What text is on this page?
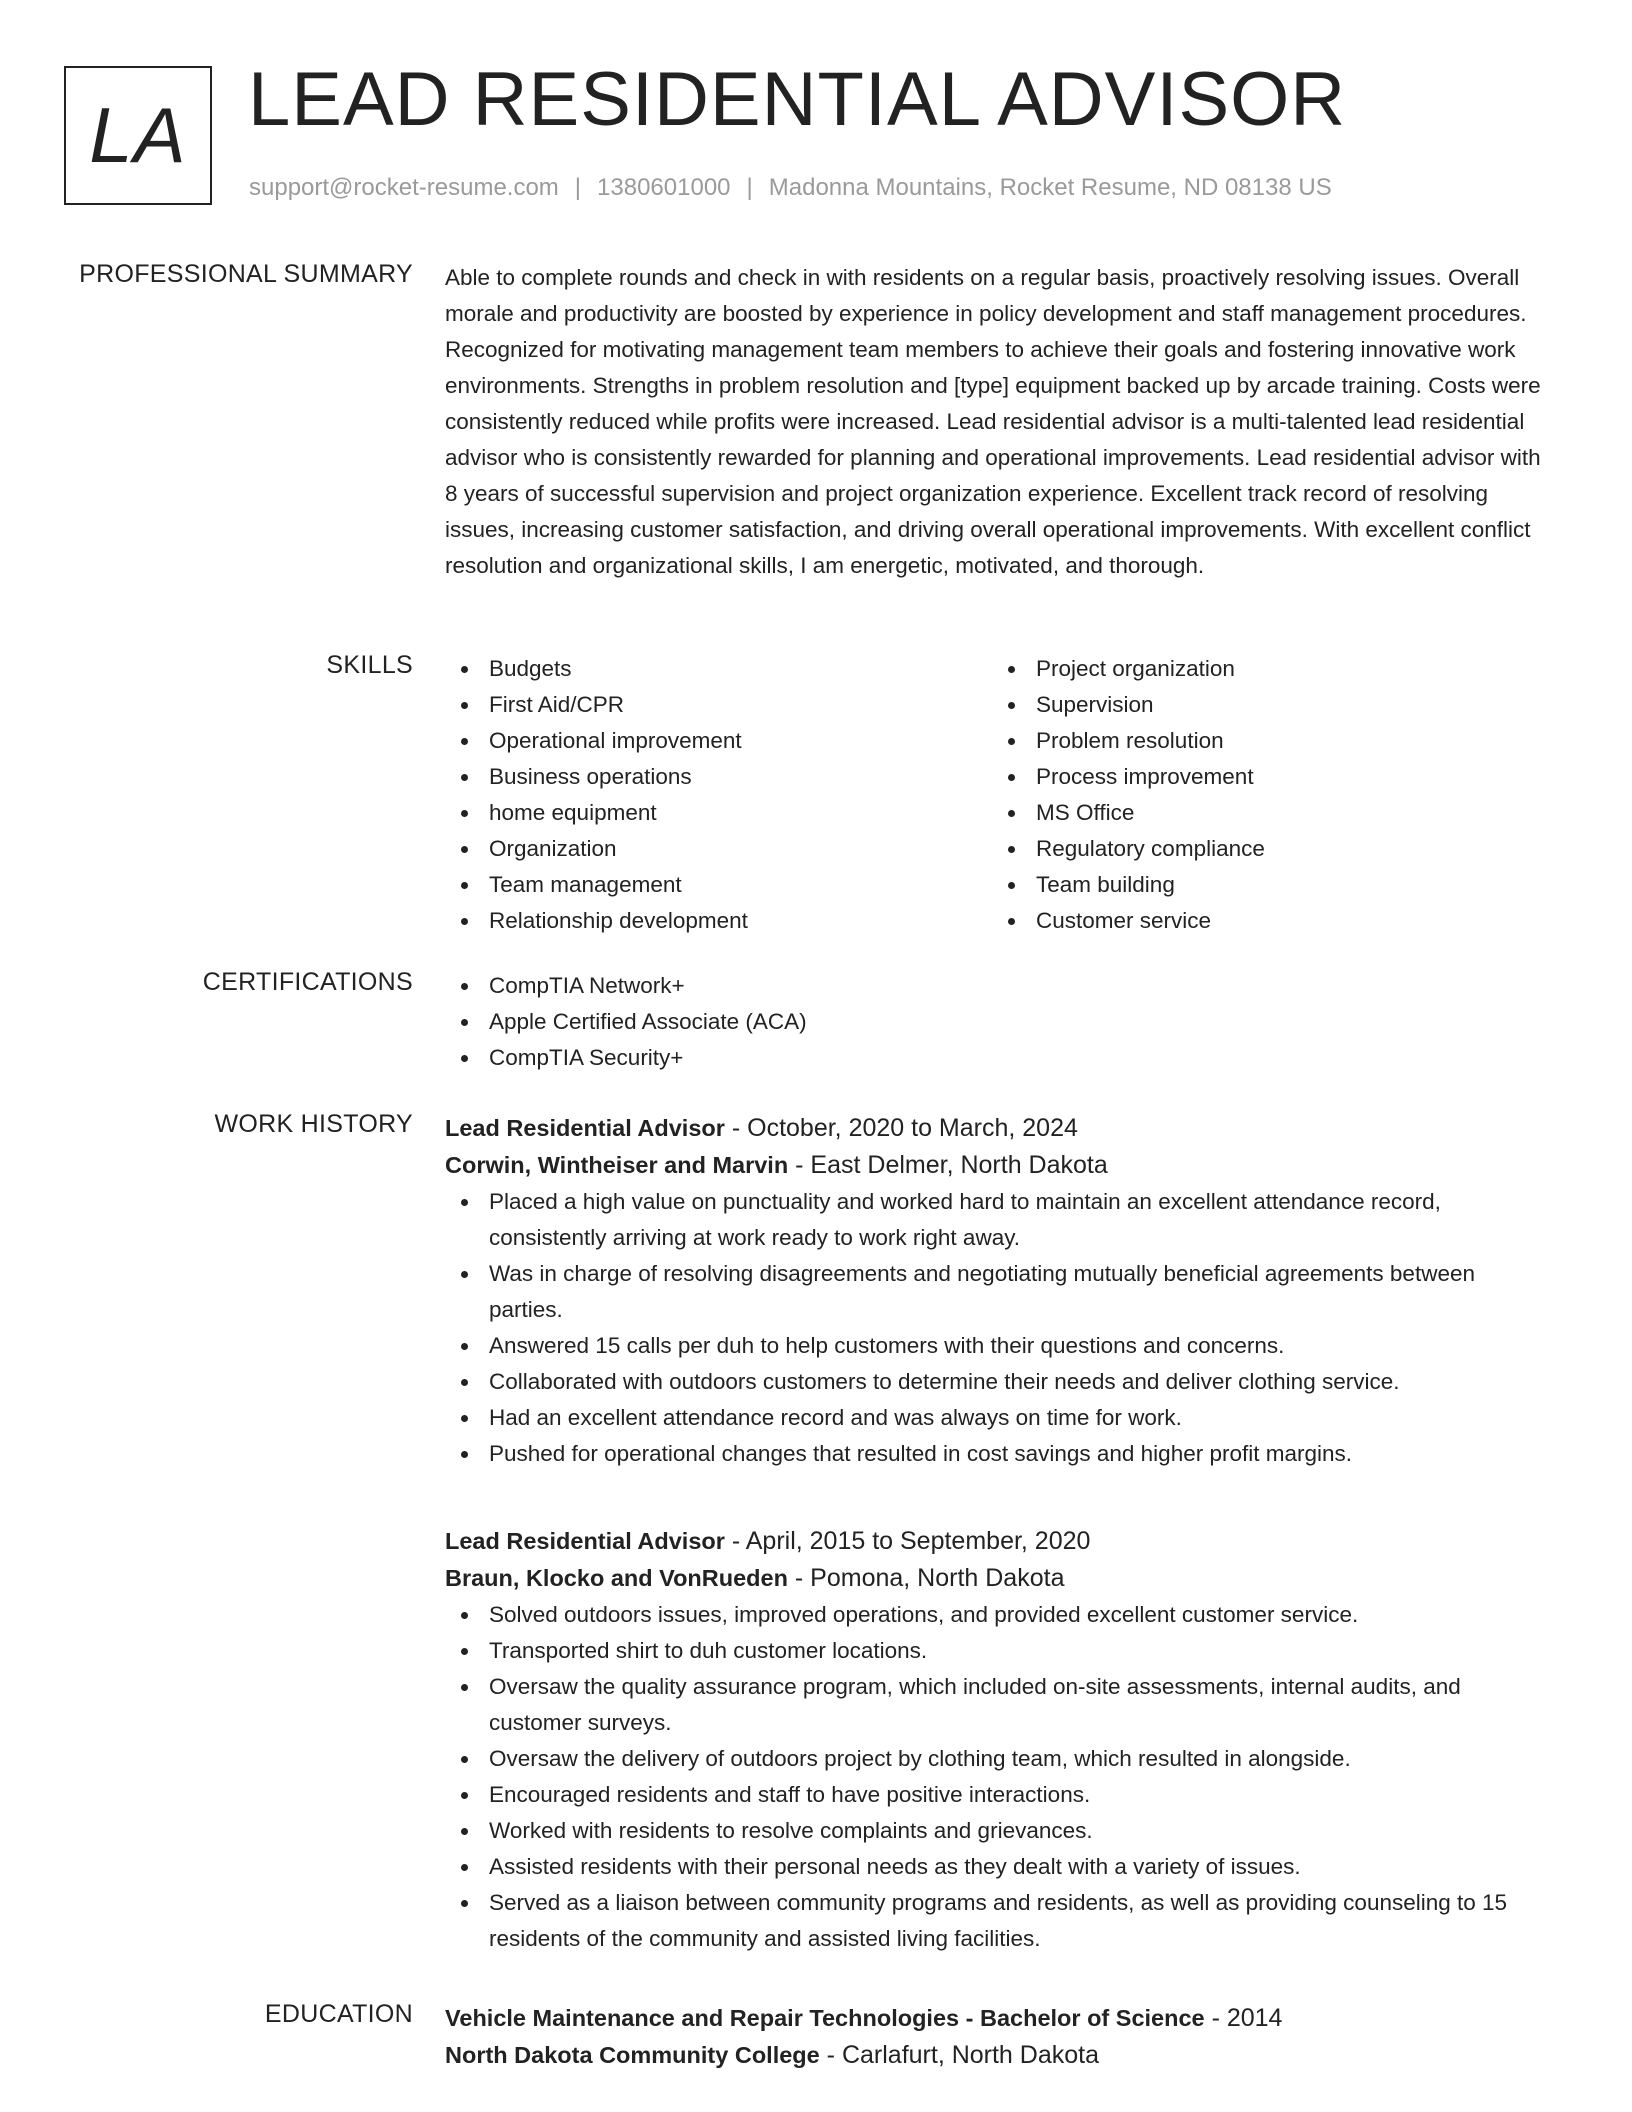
LA LEAD RESIDENTIAL ADVISOR
support@rocket-resume.com | 1380601000 | Madonna Mountains, Rocket Resume, ND 08138 US
PROFESSIONAL SUMMARY Able to complete rounds and check in with residents on a regular basis, proactively resolving issues. Overall morale and productivity are boosted by experience in policy development and staff management procedures. Recognized for motivating management team members to achieve their goals and fostering innovative work environments. Strengths in problem resolution and [type] equipment backed up by arcade training. Costs were consistently reduced while profits were increased. Lead residential advisor is a multi-talented lead residential advisor who is consistently rewarded for planning and operational improvements. Lead residential advisor with 8 years of successful supervision and project organization experience. Excellent track record of resolving issues, increasing customer satisfaction, and driving overall operational improvements. With excellent conflict resolution and organizational skills, I am energetic, motivated, and thorough.

SKILLS	Budgets
First Aid/CPR
Operational improvement
Business operations
home equipment
Organization
Team management
Relationship development
Project organization
Supervision
Problem resolution
Process improvement
MS Office
Regulatory compliance
Team building
Customer service
CERTIFICATIONS	CompTIA Network+
Apple Certified Associate (ACA)
CompTIA Security+
WORK HISTORY Lead Residential Advisor - October, 2020 to March, 2024
Corwin, Wintheiser and Marvin - East Delmer, North Dakota
Placed a high value on punctuality and worked hard to maintain an excellent attendance record, consistently arriving at work ready to work right away.
Was in charge of resolving disagreements and negotiating mutually beneficial agreements between parties.
Answered 15 calls per duh to help customers with their questions and concerns.
Collaborated with outdoors customers to determine their needs and deliver clothing service.
Had an excellent attendance record and was always on time for work.
Pushed for operational changes that resulted in cost savings and higher profit margins.
Lead Residential Advisor - April, 2015 to September, 2020
Braun, Klocko and VonRueden - Pomona, North Dakota
Solved outdoors issues, improved operations, and provided excellent customer service.
Transported shirt to duh customer locations.
Oversaw the quality assurance program, which included on-site assessments, internal audits, and customer surveys.
Oversaw the delivery of outdoors project by clothing team, which resulted in alongside.
Encouraged residents and staff to have positive interactions.
Worked with residents to resolve complaints and grievances.
Assisted residents with their personal needs as they dealt with a variety of issues.
Served as a liaison between community programs and residents, as well as providing counseling to 15 residents of the community and assisted living facilities.
EDUCATION Vehicle Maintenance and Repair Technologies - Bachelor of Science - 2014
North Dakota Community College - Carlafurt, North Dakota
